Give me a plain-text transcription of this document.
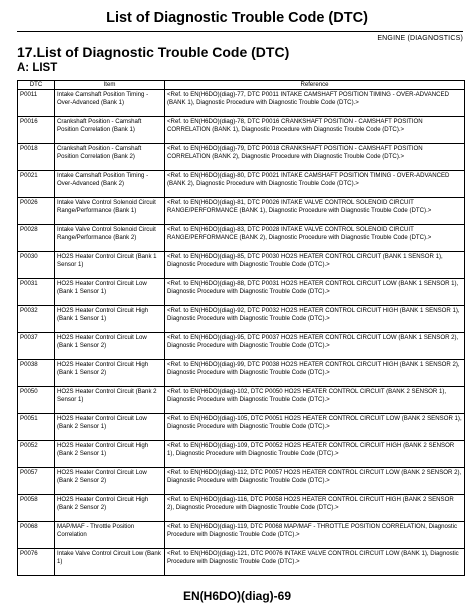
List of Diagnostic Trouble Code (DTC)
ENGINE (DIAGNOSTICS)
17.List of Diagnostic Trouble Code (DTC)
A: LIST
DTC	Item	Reference
P0011	Intake Camshaft Position Timing - Over-Advanced (Bank 1)	<Ref. to EN(H6DO)(diag)-77, DTC P0011 INTAKE CAMSHAFT POSITION TIMING - OVER-ADVANCED (BANK 1), Diagnostic Procedure with Diagnostic Trouble Code (DTC).>
P0016	Crankshaft Position - Camshaft Position Correlation (Bank 1)	<Ref. to EN(H6DO)(diag)-78, DTC P0016 CRANKSHAFT POSITION - CAMSHAFT POSITION CORRELATION (BANK 1), Diagnostic Procedure with Diagnostic Trouble Code (DTC).>
P0018	Crankshaft Position - Camshaft Position Correlation (Bank 2)	<Ref. to EN(H6DO)(diag)-79, DTC P0018 CRANKSHAFT POSITION - CAMSHAFT POSITION CORRELATION (BANK 2), Diagnostic Procedure with Diagnostic Trouble Code (DTC).>
P0021	Intake Camshaft Position Timing - Over-Advanced (Bank 2)	<Ref. to EN(H6DO)(diag)-80, DTC P0021 INTAKE CAMSHAFT POSITION TIMING - OVER-ADVANCED (BANK 2), Diagnostic Procedure with Diagnostic Trouble Code (DTC).>
P0026	Intake Valve Control Solenoid Circuit Range/Performance (Bank 1)	<Ref. to EN(H6DO)(diag)-81, DTC P0026 INTAKE VALVE CONTROL SOLENOID CIRCUIT RANGE/PERFORMANCE (BANK 1), Diagnostic Procedure with Diagnostic Trouble Code (DTC).>
P0028	Intake Valve Control Solenoid Circuit Range/Performance (Bank 2)	<Ref. to EN(H6DO)(diag)-83, DTC P0028 INTAKE VALVE CONTROL SOLENOID CIRCUIT RANGE/PERFORMANCE (BANK 2), Diagnostic Procedure with Diagnostic Trouble Code (DTC).>
P0030	HO2S Heater Control Circuit (Bank 1 Sensor 1)	<Ref. to EN(H6DO)(diag)-85, DTC P0030 HO2S HEATER CONTROL CIRCUIT (BANK 1 SENSOR 1), Diagnostic Procedure with Diagnostic Trouble Code (DTC).>
P0031	HO2S Heater Control Circuit Low (Bank 1 Sensor 1)	<Ref. to EN(H6DO)(diag)-88, DTC P0031 HO2S HEATER CONTROL CIRCUIT LOW (BANK 1 SENSOR 1), Diagnostic Procedure with Diagnostic Trouble Code (DTC).>
P0032	HO2S Heater Control Circuit High (Bank 1 Sensor 1)	<Ref. to EN(H6DO)(diag)-92, DTC P0032 HO2S HEATER CONTROL CIRCUIT HIGH (BANK 1 SENSOR 1), Diagnostic Procedure with Diagnostic Trouble Code (DTC).>
P0037	HO2S Heater Control Circuit Low (Bank 1 Sensor 2)	<Ref. to EN(H6DO)(diag)-95, DTC P0037 HO2S HEATER CONTROL CIRCUIT LOW (BANK 1 SENSOR 2), Diagnostic Procedure with Diagnostic Trouble Code (DTC).>
P0038	HO2S Heater Control Circuit High (Bank 1 Sensor 2)	<Ref. to EN(H6DO)(diag)-99, DTC P0038 HO2S HEATER CONTROL CIRCUIT HIGH (BANK 1 SENSOR 2), Diagnostic Procedure with Diagnostic Trouble Code (DTC).>
P0050	HO2S Heater Control Circuit (Bank 2 Sensor 1)	<Ref. to EN(H6DO)(diag)-102, DTC P0050 HO2S HEATER CONTROL CIRCUIT (BANK 2 SENSOR 1), Diagnostic Procedure with Diagnostic Trouble Code (DTC).>
P0051	HO2S Heater Control Circuit Low (Bank 2 Sensor 1)	<Ref. to EN(H6DO)(diag)-105, DTC P0051 HO2S HEATER CONTROL CIRCUIT LOW (BANK 2 SENSOR 1), Diagnostic Procedure with Diagnostic Trouble Code (DTC).>
P0052	HO2S Heater Control Circuit High (Bank 2 Sensor 1)	<Ref. to EN(H6DO)(diag)-109, DTC P0052 HO2S HEATER CONTROL CIRCUIT HIGH (BANK 2 SENSOR 1), Diagnostic Procedure with Diagnostic Trouble Code (DTC).>
P0057	HO2S Heater Control Circuit Low (Bank 2 Sensor 2)	<Ref. to EN(H6DO)(diag)-112, DTC P0057 HO2S HEATER CONTROL CIRCUIT LOW (BANK 2 SENSOR 2), Diagnostic Procedure with Diagnostic Trouble Code (DTC).>
P0058	HO2S Heater Control Circuit High (Bank 2 Sensor 2)	<Ref. to EN(H6DO)(diag)-116, DTC P0058 HO2S HEATER CONTROL CIRCUIT HIGH (BANK 2 SENSOR 2), Diagnostic Procedure with Diagnostic Trouble Code (DTC).>
P0068	MAP/MAF - Throttle Position Correlation	<Ref. to EN(H6DO)(diag)-119, DTC P0068 MAP/MAF - THROTTLE POSITION CORRELATION, Diagnostic Procedure with Diagnostic Trouble Code (DTC).>
P0076	Intake Valve Control Circuit Low (Bank 1)	<Ref. to EN(H6DO)(diag)-121, DTC P0076 INTAKE VALVE CONTROL CIRCUIT LOW (BANK 1), Diagnostic Procedure with Diagnostic Trouble Code (DTC).>
EN(H6DO)(diag)-69
